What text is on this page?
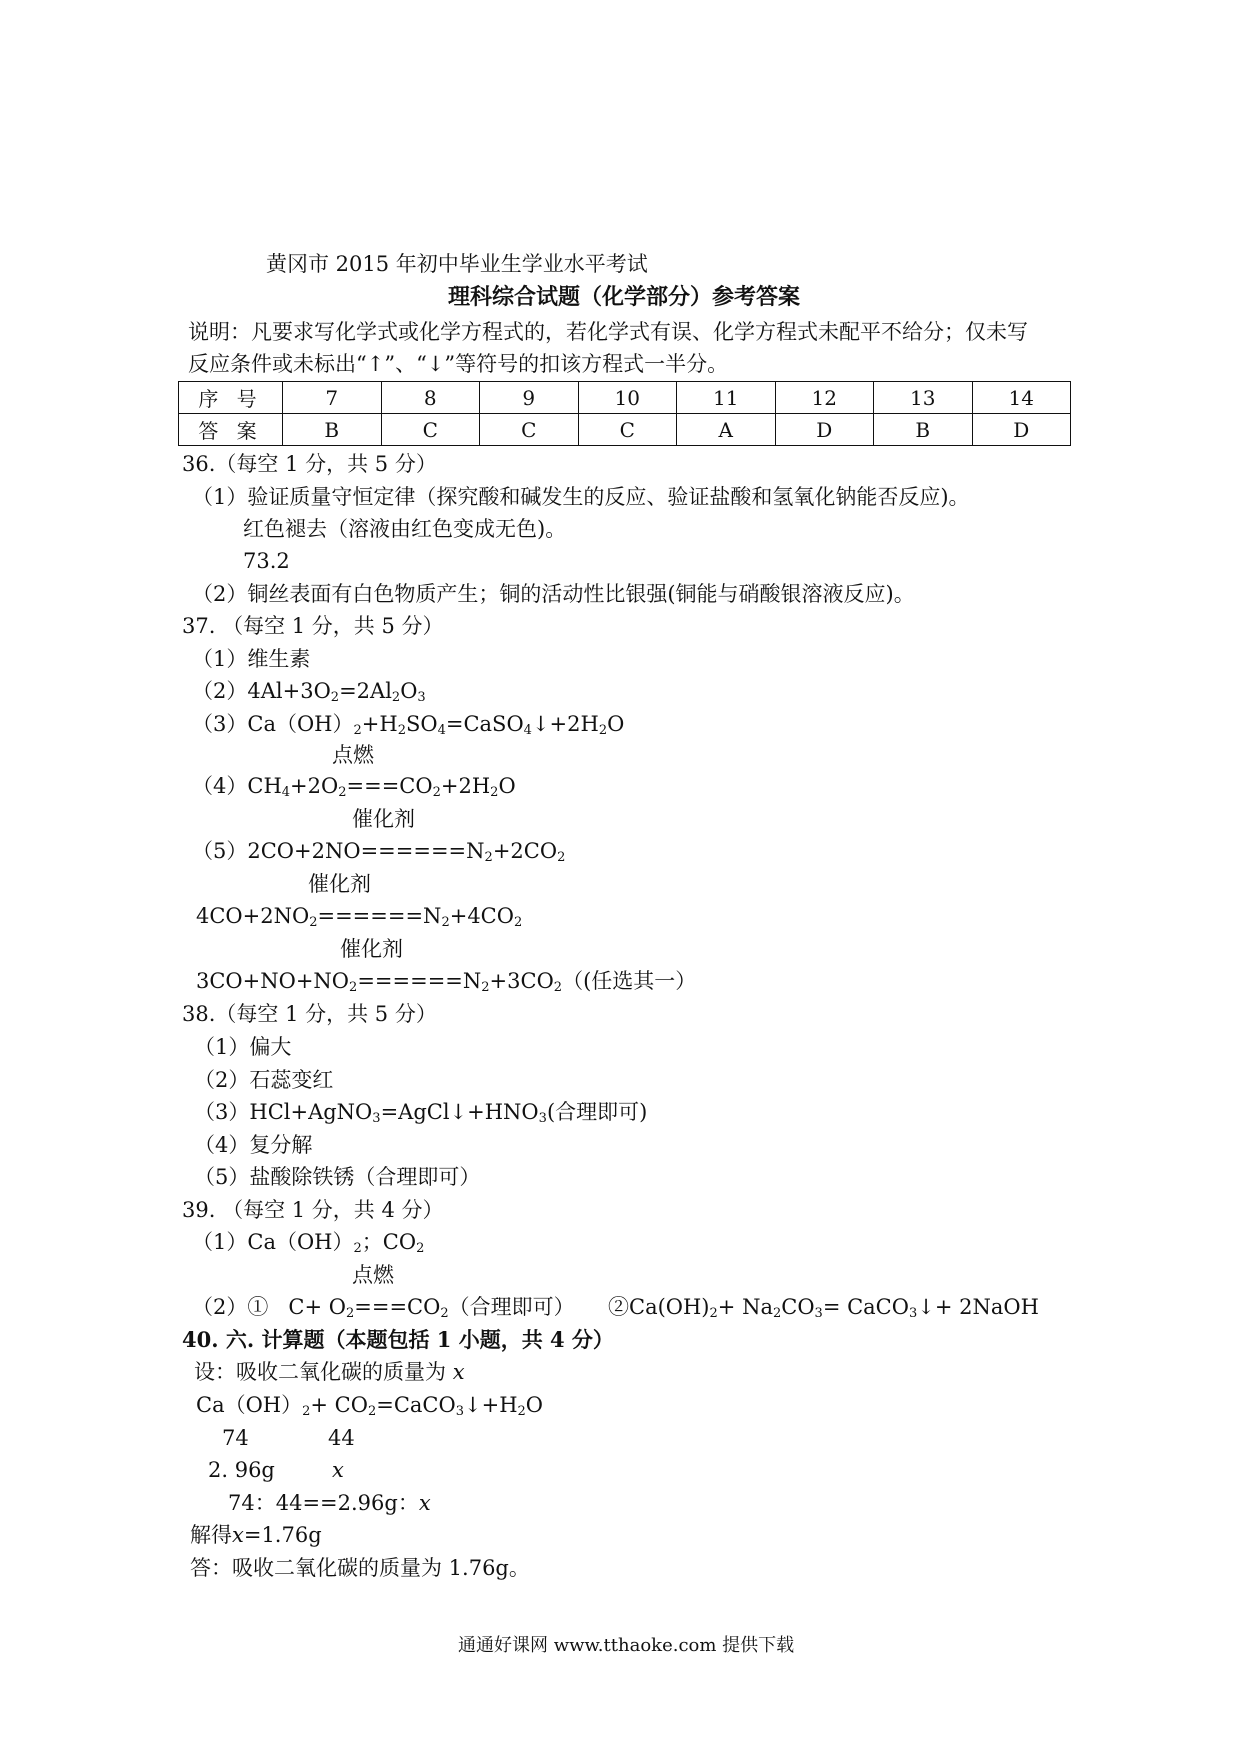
黄冈市 2015 年初中毕业生学业水平考试
理科综合试题（化学部分）参考答案
说明：凡要求写化学式或化学方程式的，若化学式有误、化学方程式未配平不给分；仅未写
反应条件或未标出“↑”、“↓”等符号的扣该方程式一半分。
序 号	7	8	9	10	11	12	13	14
答 案	B	C	C	C	A	D	B	D
36.（每空 1 分，共 5 分）
（1）验证质量守恒定律（探究酸和碱发生的反应、验证盐酸和氢氧化钠能否反应)。
红色褪去（溶液由红色变成无色)。
73.2
（2）铜丝表面有白色物质产生；铜的活动性比银强(铜能与硝酸银溶液反应)。
37. （每空 1 分，共 5 分）
（1）维生素
$(2)4Al+3O_2=2Al_2O_3$
$(3)Ca(OH)_2+H_2SO_4=CaSO_4↓+2H_2O$
点燃
$(4)CH_4+2O_2===CO_2+2H_2O$
催化剂
$(5)2CO+2NO======N_2+2CO_2$
催化剂
$4CO+2NO_2======N_2+4CO_2$
催化剂
$3CO+NO+NO_2======N_2+3CO_2$（(任选其一）
38.（每空 1 分，共 5 分）
（1）偏大
（2）石蕊变红
$(3)HCl+AgNO_3=AgCl↓+HNO_3$(合理即可)
（4）复分解
（5）盐酸除铁锈（合理即可）
39. （每空 1 分，共 4 分）
$(1)Ca(OH)_2$；$CO_2$
点燃
（2）①   $C+ O_2===CO_2$（合理即可） $②Ca(OH)_2+ Na_2CO_3=$ CaCO$_3$↓+ 2NaOH
40. 六. 计算题（本题包括 1 小题，共 4 分）
设：吸收二氧化碳的质量为 x
$Ca(OH)_2+$ $CO_2=CaCO_3↓+H_2O$
74	44
2. 96g	x
74：44==2.96g：x
解得x=1.76g
答：吸收二氧化碳的质量为 1.76g。
通通好课网 www.tthaoke.com 提供下载
